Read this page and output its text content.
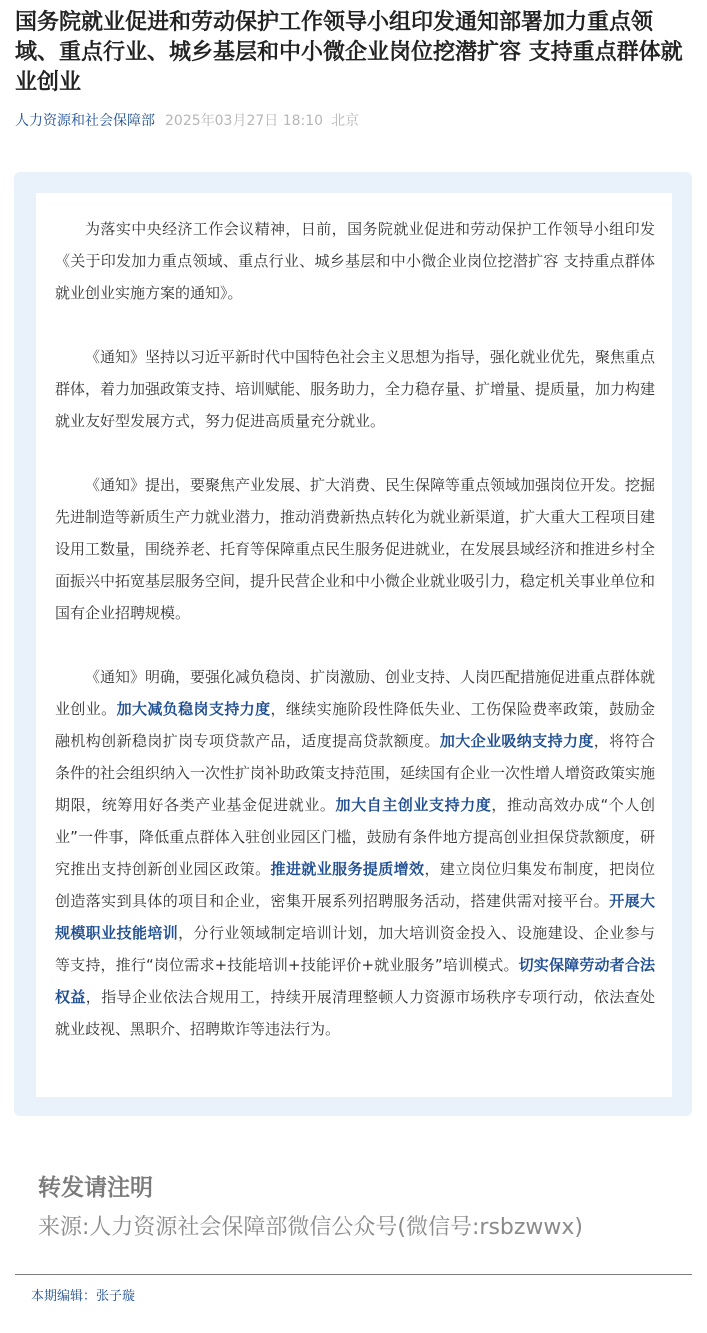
国务院就业促进和劳动保护工作领导小组印发通知部署加力重点领域、重点行业、城乡基层和中小微企业岗位挖潜扩容 支持重点群体就业创业
人力资源和社会保障部 2025年03月27日 18:10 北京

为落实中央经济工作会议精神，日前，国务院就业促进和劳动保护工作领导小组印发《关于印发加力重点领域、重点行业、城乡基层和中小微企业岗位挖潜扩容 支持重点群体就业创业实施方案的通知》。

《通知》坚持以习近平新时代中国特色社会主义思想为指导，强化就业优先，聚焦重点群体，着力加强政策支持、培训赋能、服务助力，全力稳存量、扩增量、提质量，加力构建就业友好型发展方式，努力促进高质量充分就业。

《通知》提出，要聚焦产业发展、扩大消费、民生保障等重点领域加强岗位开发。挖掘先进制造等新质生产力就业潜力，推动消费新热点转化为就业新渠道，扩大重大工程项目建设用工数量，围绕养老、托育等保障重点民生服务促进就业，在发展县域经济和推进乡村全面振兴中拓宽基层服务空间，提升民营企业和中小微企业就业吸引力，稳定机关事业单位和国有企业招聘规模。

《通知》明确，要强化减负稳岗、扩岗激励、创业支持、人岗匹配措施促进重点群体就业创业。加大减负稳岗支持力度，继续实施阶段性降低失业、工伤保险费率政策，鼓励金融机构创新稳岗扩岗专项贷款产品，适度提高贷款额度。加大企业吸纳支持力度，将符合条件的社会组织纳入一次性扩岗补助政策支持范围，延续国有企业一次性增人增资政策实施期限，统筹用好各类产业基金促进就业。加大自主创业支持力度，推动高效办成“个人创业”一件事，降低重点群体入驻创业园区门槛，鼓励有条件地方提高创业担保贷款额度，研究推出支持创新创业园区政策。推进就业服务提质增效，建立岗位归集发布制度，把岗位创造落实到具体的项目和企业，密集开展系列招聘服务活动，搭建供需对接平台。开展大规模职业技能培训，分行业领域制定培训计划，加大培训资金投入、设施建设、企业参与等支持，推行“岗位需求+技能培训+技能评价+就业服务”培训模式。切实保障劳动者合法权益，指导企业依法合规用工，持续开展清理整顿人力资源市场秩序专项行动，依法查处就业歧视、黑职介、招聘欺诈等违法行为。

转发请注明
来源:人力资源社会保障部微信公众号(微信号:rsbzwwx)
本期编辑：张子璇
